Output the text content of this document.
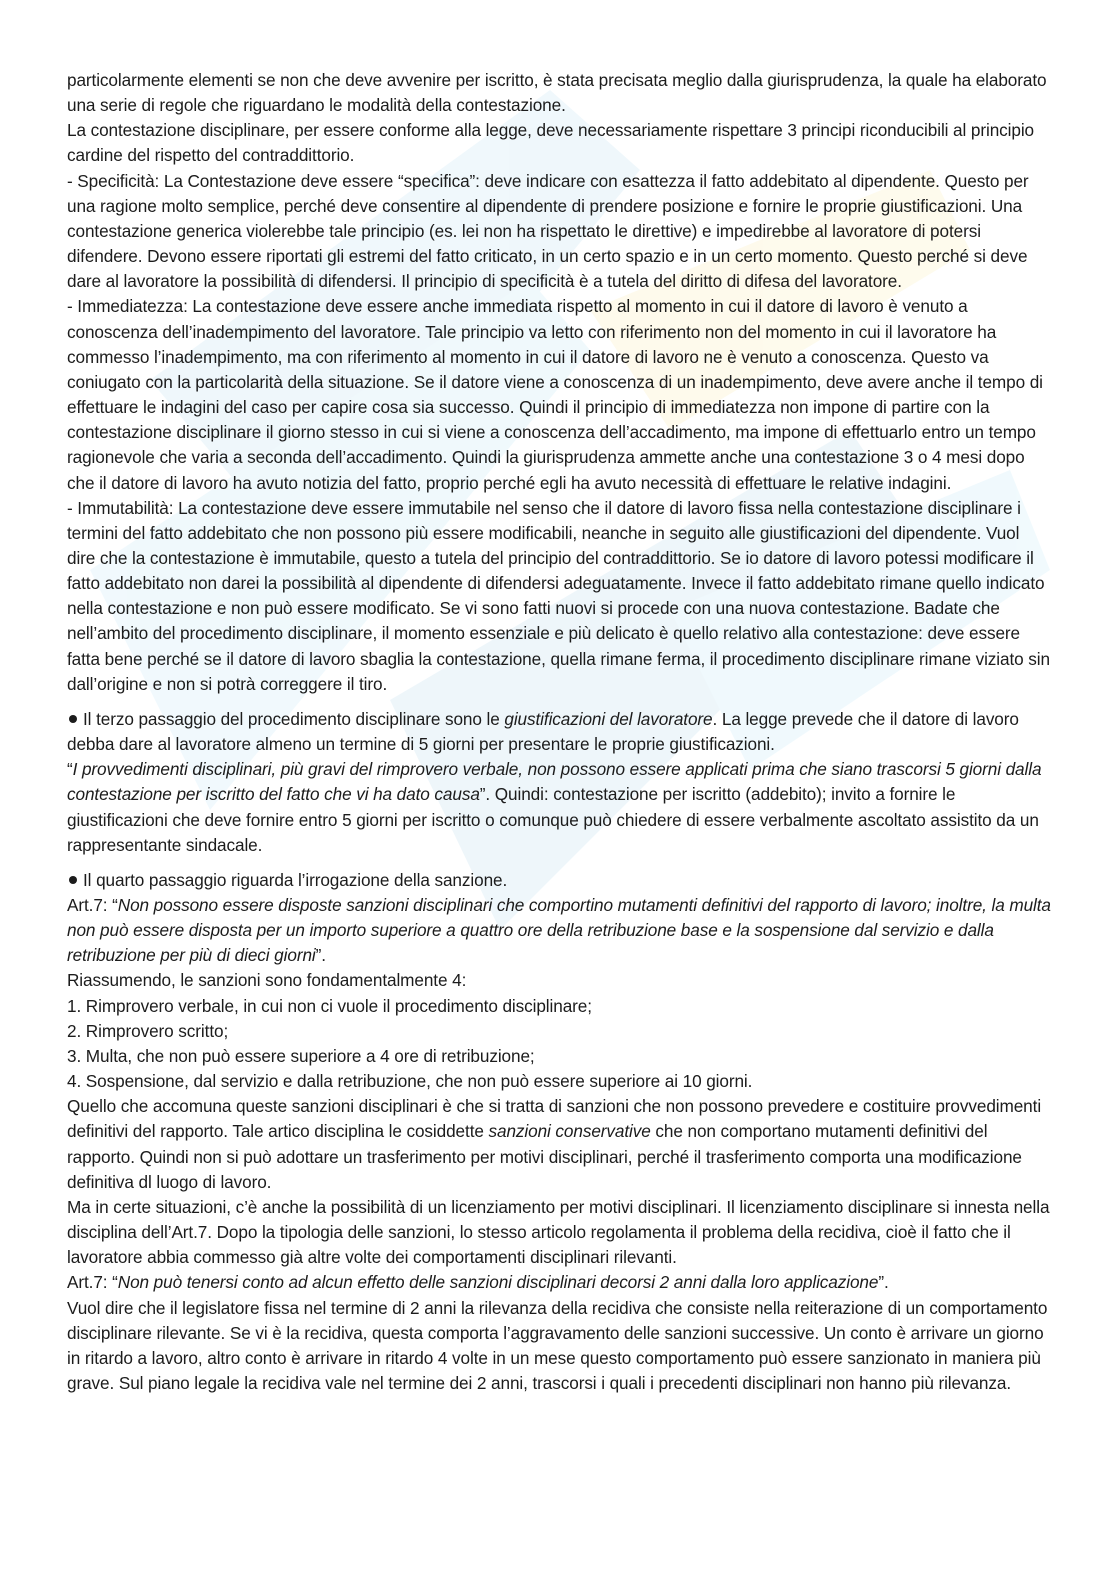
particolarmente elementi se non che deve avvenire per iscritto, è stata precisata meglio dalla giurisprudenza, la quale ha elaborato una serie di regole che riguardano le modalità della contestazione.

La contestazione disciplinare, per essere conforme alla legge, deve necessariamente rispettare 3 principi riconducibili al principio cardine del rispetto del contraddittorio.

- Specificità: La Contestazione deve essere “specifica”: deve indicare con esattezza il fatto addebitato al dipendente. Questo per una ragione molto semplice, perché deve consentire al dipendente di prendere posizione e fornire le proprie giustificazioni. Una contestazione generica violerebbe tale principio (es. lei non ha rispettato le direttive) e impedirebbe al lavoratore di potersi difendere. Devono essere riportati gli estremi del fatto criticato, in un certo spazio e in un certo momento. Questo perché si deve dare al lavoratore la possibilità di difendersi. Il principio di specificità è a tutela del diritto di difesa del lavoratore.

- Immediatezza: La contestazione deve essere anche immediata rispetto al momento in cui il datore di lavoro è venuto a conoscenza dell’inadempimento del lavoratore. Tale principio va letto con riferimento non del momento in cui il lavoratore ha commesso l’inadempimento, ma con riferimento al momento in cui il datore di lavoro ne è venuto a conoscenza. Questo va coniugato con la particolarità della situazione. Se il datore viene a conoscenza di un inadempimento, deve avere anche il tempo di effettuare le indagini del caso per capire cosa sia successo. Quindi il principio di immediatezza non impone di partire con la contestazione disciplinare il giorno stesso in cui si viene a conoscenza dell’accadimento, ma impone di effettuarlo entro un tempo ragionevole che varia a seconda dell’accadimento. Quindi la giurisprudenza ammette anche una contestazione 3 o 4 mesi dopo che il datore di lavoro ha avuto notizia del fatto, proprio perché egli ha avuto necessità di effettuare le relative indagini.

- Immutabilità: La contestazione deve essere immutabile nel senso che il datore di lavoro fissa nella contestazione disciplinare i termini del fatto addebitato che non possono più essere modificabili, neanche in seguito alle giustificazioni del dipendente. Vuol dire che la contestazione è immutabile, questo a tutela del principio del contraddittorio. Se io datore di lavoro potessi modificare il fatto addebitato non darei la possibilità al dipendente di difendersi adeguatamente. Invece il fatto addebitato rimane quello indicato nella contestazione e non può essere modificato. Se vi sono fatti nuovi si procede con una nuova contestazione. Badate che nell’ambito del procedimento disciplinare, il momento essenziale e più delicato è quello relativo alla contestazione: deve essere fatta bene perché se il datore di lavoro sbaglia la contestazione, quella rimane ferma, il procedimento disciplinare rimane viziato sin dall’origine e non si potrà correggere il tiro.

Il terzo passaggio del procedimento disciplinare sono le giustificazioni del lavoratore. La legge prevede che il datore di lavoro debba dare al lavoratore almeno un termine di 5 giorni per presentare le proprie giustificazioni.

“I provvedimenti disciplinari, più gravi del rimprovero verbale, non possono essere applicati prima che siano trascorsi 5 giorni dalla contestazione per iscritto del fatto che vi ha dato causa”. Quindi: contestazione per iscritto (addebito); invito a fornire le giustificazioni che deve fornire entro 5 giorni per iscritto o comunque può chiedere di essere verbalmente ascoltato assistito da un rappresentante sindacale.

Il quarto passaggio riguarda l’irrogazione della sanzione.

Art.7: “Non possono essere disposte sanzioni disciplinari che comportino mutamenti definitivi del rapporto di lavoro; inoltre, la multa non può essere disposta per un importo superiore a quattro ore della retribuzione base e la sospensione dal servizio e dalla retribuzione per più di dieci giorni”.

Riassumendo, le sanzioni sono fondamentalmente 4:

1. Rimprovero verbale, in cui non ci vuole il procedimento disciplinare;

2. Rimprovero scritto;

3. Multa, che non può essere superiore a 4 ore di retribuzione;

4. Sospensione, dal servizio e dalla retribuzione, che non può essere superiore ai 10 giorni.

Quello che accomuna queste sanzioni disciplinari è che si tratta di sanzioni che non possono prevedere e costituire provvedimenti definitivi del rapporto. Tale artico disciplina le cosiddette sanzioni conservative che non comportano mutamenti definitivi del rapporto. Quindi non si può adottare un trasferimento per motivi disciplinari, perché il trasferimento comporta una modificazione definitiva dl luogo di lavoro.

Ma in certe situazioni, c’è anche la possibilità di un licenziamento per motivi disciplinari. Il licenziamento disciplinare si innesta nella disciplina dell’Art.7. Dopo la tipologia delle sanzioni, lo stesso articolo regolamenta il problema della recidiva, cioè il fatto che il lavoratore abbia commesso già altre volte dei comportamenti disciplinari rilevanti.

Art.7: “Non può tenersi conto ad alcun effetto delle sanzioni disciplinari decorsi 2 anni dalla loro applicazione”.

Vuol dire che il legislatore fissa nel termine di 2 anni la rilevanza della recidiva che consiste nella reiterazione di un comportamento disciplinare rilevante. Se vi è la recidiva, questa comporta l’aggravamento delle sanzioni successive. Un conto è arrivare un giorno in ritardo a lavoro, altro conto è arrivare in ritardo 4 volte in un mese questo comportamento può essere sanzionato in maniera più grave. Sul piano legale la recidiva vale nel termine dei 2 anni, trascorsi i quali i precedenti disciplinari non hanno più rilevanza.
